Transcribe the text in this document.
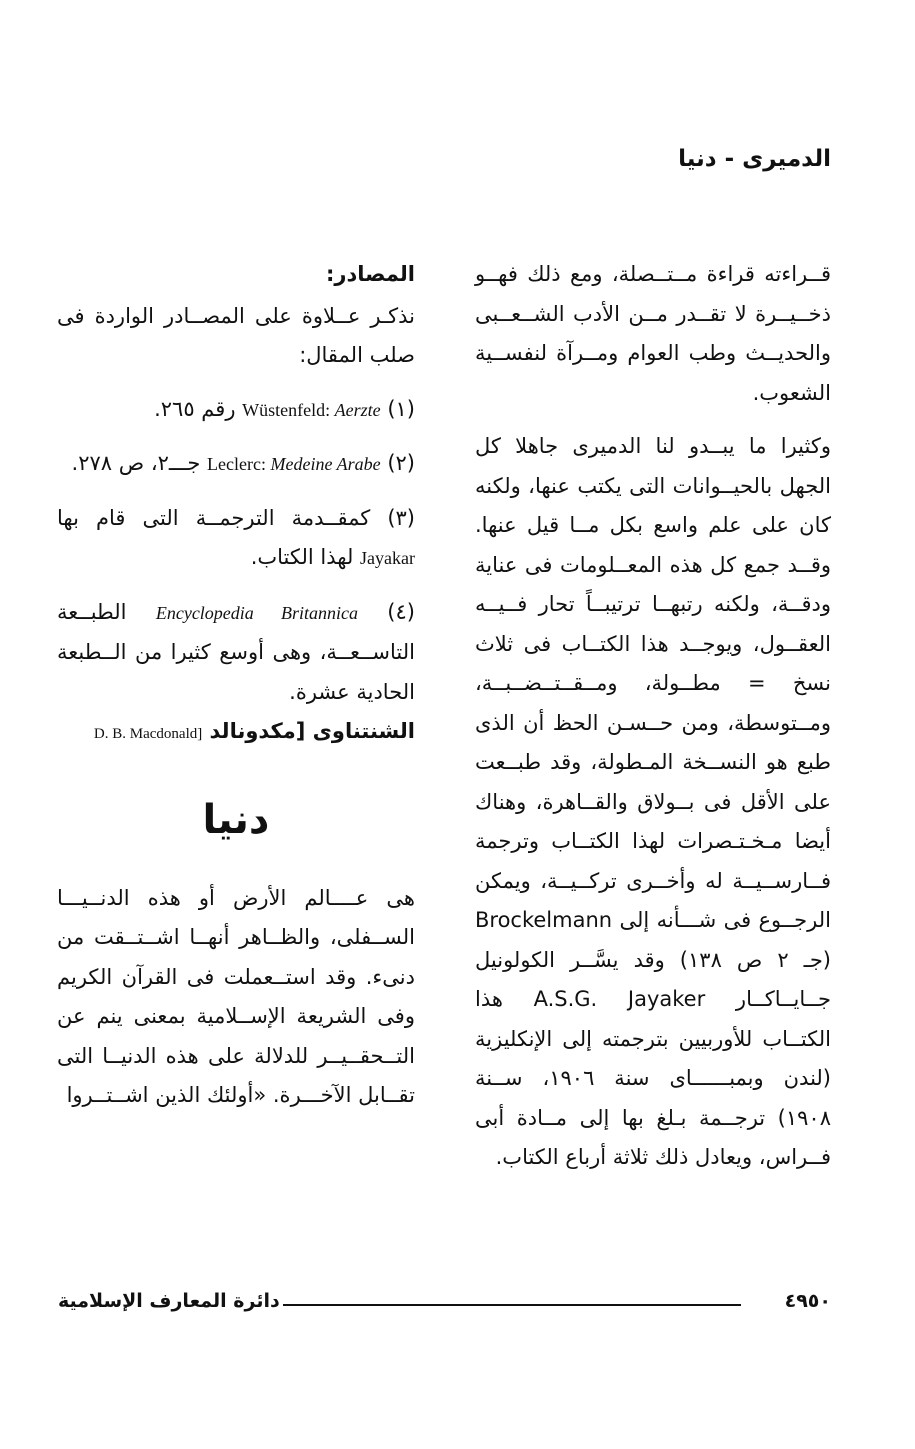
الدميرى - دنيا

قــراءته قراءة مــتــصلة، ومع ذلك فهــو ذخــيــرة لا تقــدر مــن الأدب الشــعــبى والحديــث وطب العوام ومــرآة لنفســية الشعوب.

وكثيرا ما يبــدو لنا الدميرى جاهلا كل الجهل بالحيــوانات التى يكتب عنها، ولكنه كان على علم واسع بكل مــا قيل عنها. وقــد جمع كل هذه المعــلومات فى عناية ودقــة، ولكنه رتبهــا ترتيبــاً تحار فــيــه العقــول، ويوجــد هذا الكتــاب فى ثلاث نسخ = مطــولة، ومــقــتــضــبــة، ومــتوسطة، ومن حــسـن الحظ أن الذى طبع هو النســخة المـطولة، وقد طبــعت على الأقل فى بــولاق والقــاهرة، وهناك أيضا مـخـتـصرات لهذا الكتــاب وترجمة فــارســيــة له وأخــرى تركــيــة، ويمكن الرجــوع فى شـــأنه إلى Brockelmann (جـ ٢ ص ١٣٨) وقد يسَّــر الكولونيل جــايــاكــار A.S.G. Jayaker هذا الكتــاب للأوربيين بترجمته إلى الإنكليزية (لندن وبمبــــــاى سنة ١٩٠٦، ســنة ١٩٠٨) ترجــمة بـلغ بها إلى مــادة أبى فــراس، ويعادل ذلك ثلاثة أرباع الكتاب.

المصادر:

نذكـر عــلاوة على المصــادر الواردة فى صلب المقال:

(١) Wüstenfeld: Aerzte رقم ٢٦٥.

(٢) Leclerc: Medeine Arabe جـــ٢، ص ٢٧٨.

(٣) كمقــدمة الترجمــة التى قام بها Jayakar لهذا الكتاب.

(٤) Encyclopedia Britannica الطبــعة التاســعــة، وهى أوسع كثيرا من الــطبعة الحادية عشرة.

الشنتناوى [مكدونالد D. B. Macdonald]

دنيا

هى عــــالم الأرض أو هذه الدنــيـــا الســفلى، والظــاهر أنهــا اشــتــقت من دنىء. وقد استــعملت فى القرآن الكريم وفى الشريعة الإســلامية بمعنى ينم عن التــحقــيــر للدلالة على هذه الدنيــا التى تقــابل الآخـــرة. «أولئك الذين اشــتــروا

دائرة المعارف الإسلامية	٤٩٥٠
